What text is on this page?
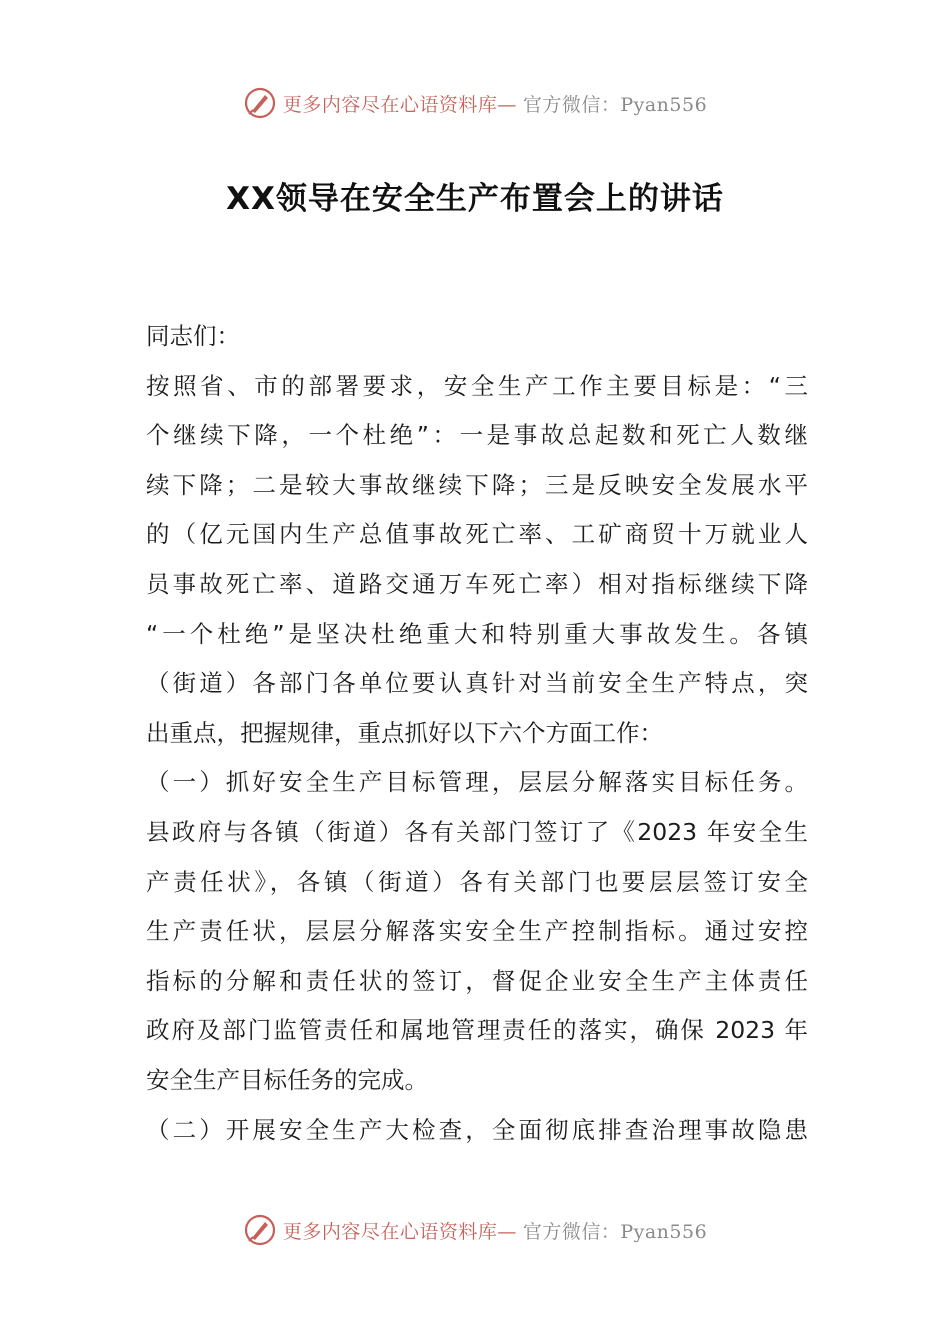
更多内容尽在心语资料库— 官方微信：Pyan556
XX领导在安全生产布置会上的讲话
同志们：
按照省、市的部署要求，安全生产工作主要目标是：“三
个继续下降，一个杜绝”：一是事故总起数和死亡人数继
续下降；二是较大事故继续下降；三是反映安全发展水平
的（亿元国内生产总值事故死亡率、工矿商贸十万就业人
员事故死亡率、道路交通万车死亡率）相对指标继续下降
“一个杜绝”是坚决杜绝重大和特别重大事故发生。各镇
（街道）各部门各单位要认真针对当前安全生产特点，突
出重点，把握规律，重点抓好以下六个方面工作：
（一）抓好安全生产目标管理，层层分解落实目标任务。
县政府与各镇（街道）各有关部门签订了《2023 年安全生
产责任状》，各镇（街道）各有关部门也要层层签订安全
生产责任状，层层分解落实安全生产控制指标。通过安控
指标的分解和责任状的签订，督促企业安全生产主体责任
政府及部门监管责任和属地管理责任的落实，确保 2023 年
安全生产目标任务的完成。
（二）开展安全生产大检查，全面彻底排查治理事故隐患
更多内容尽在心语资料库— 官方微信：Pyan556
